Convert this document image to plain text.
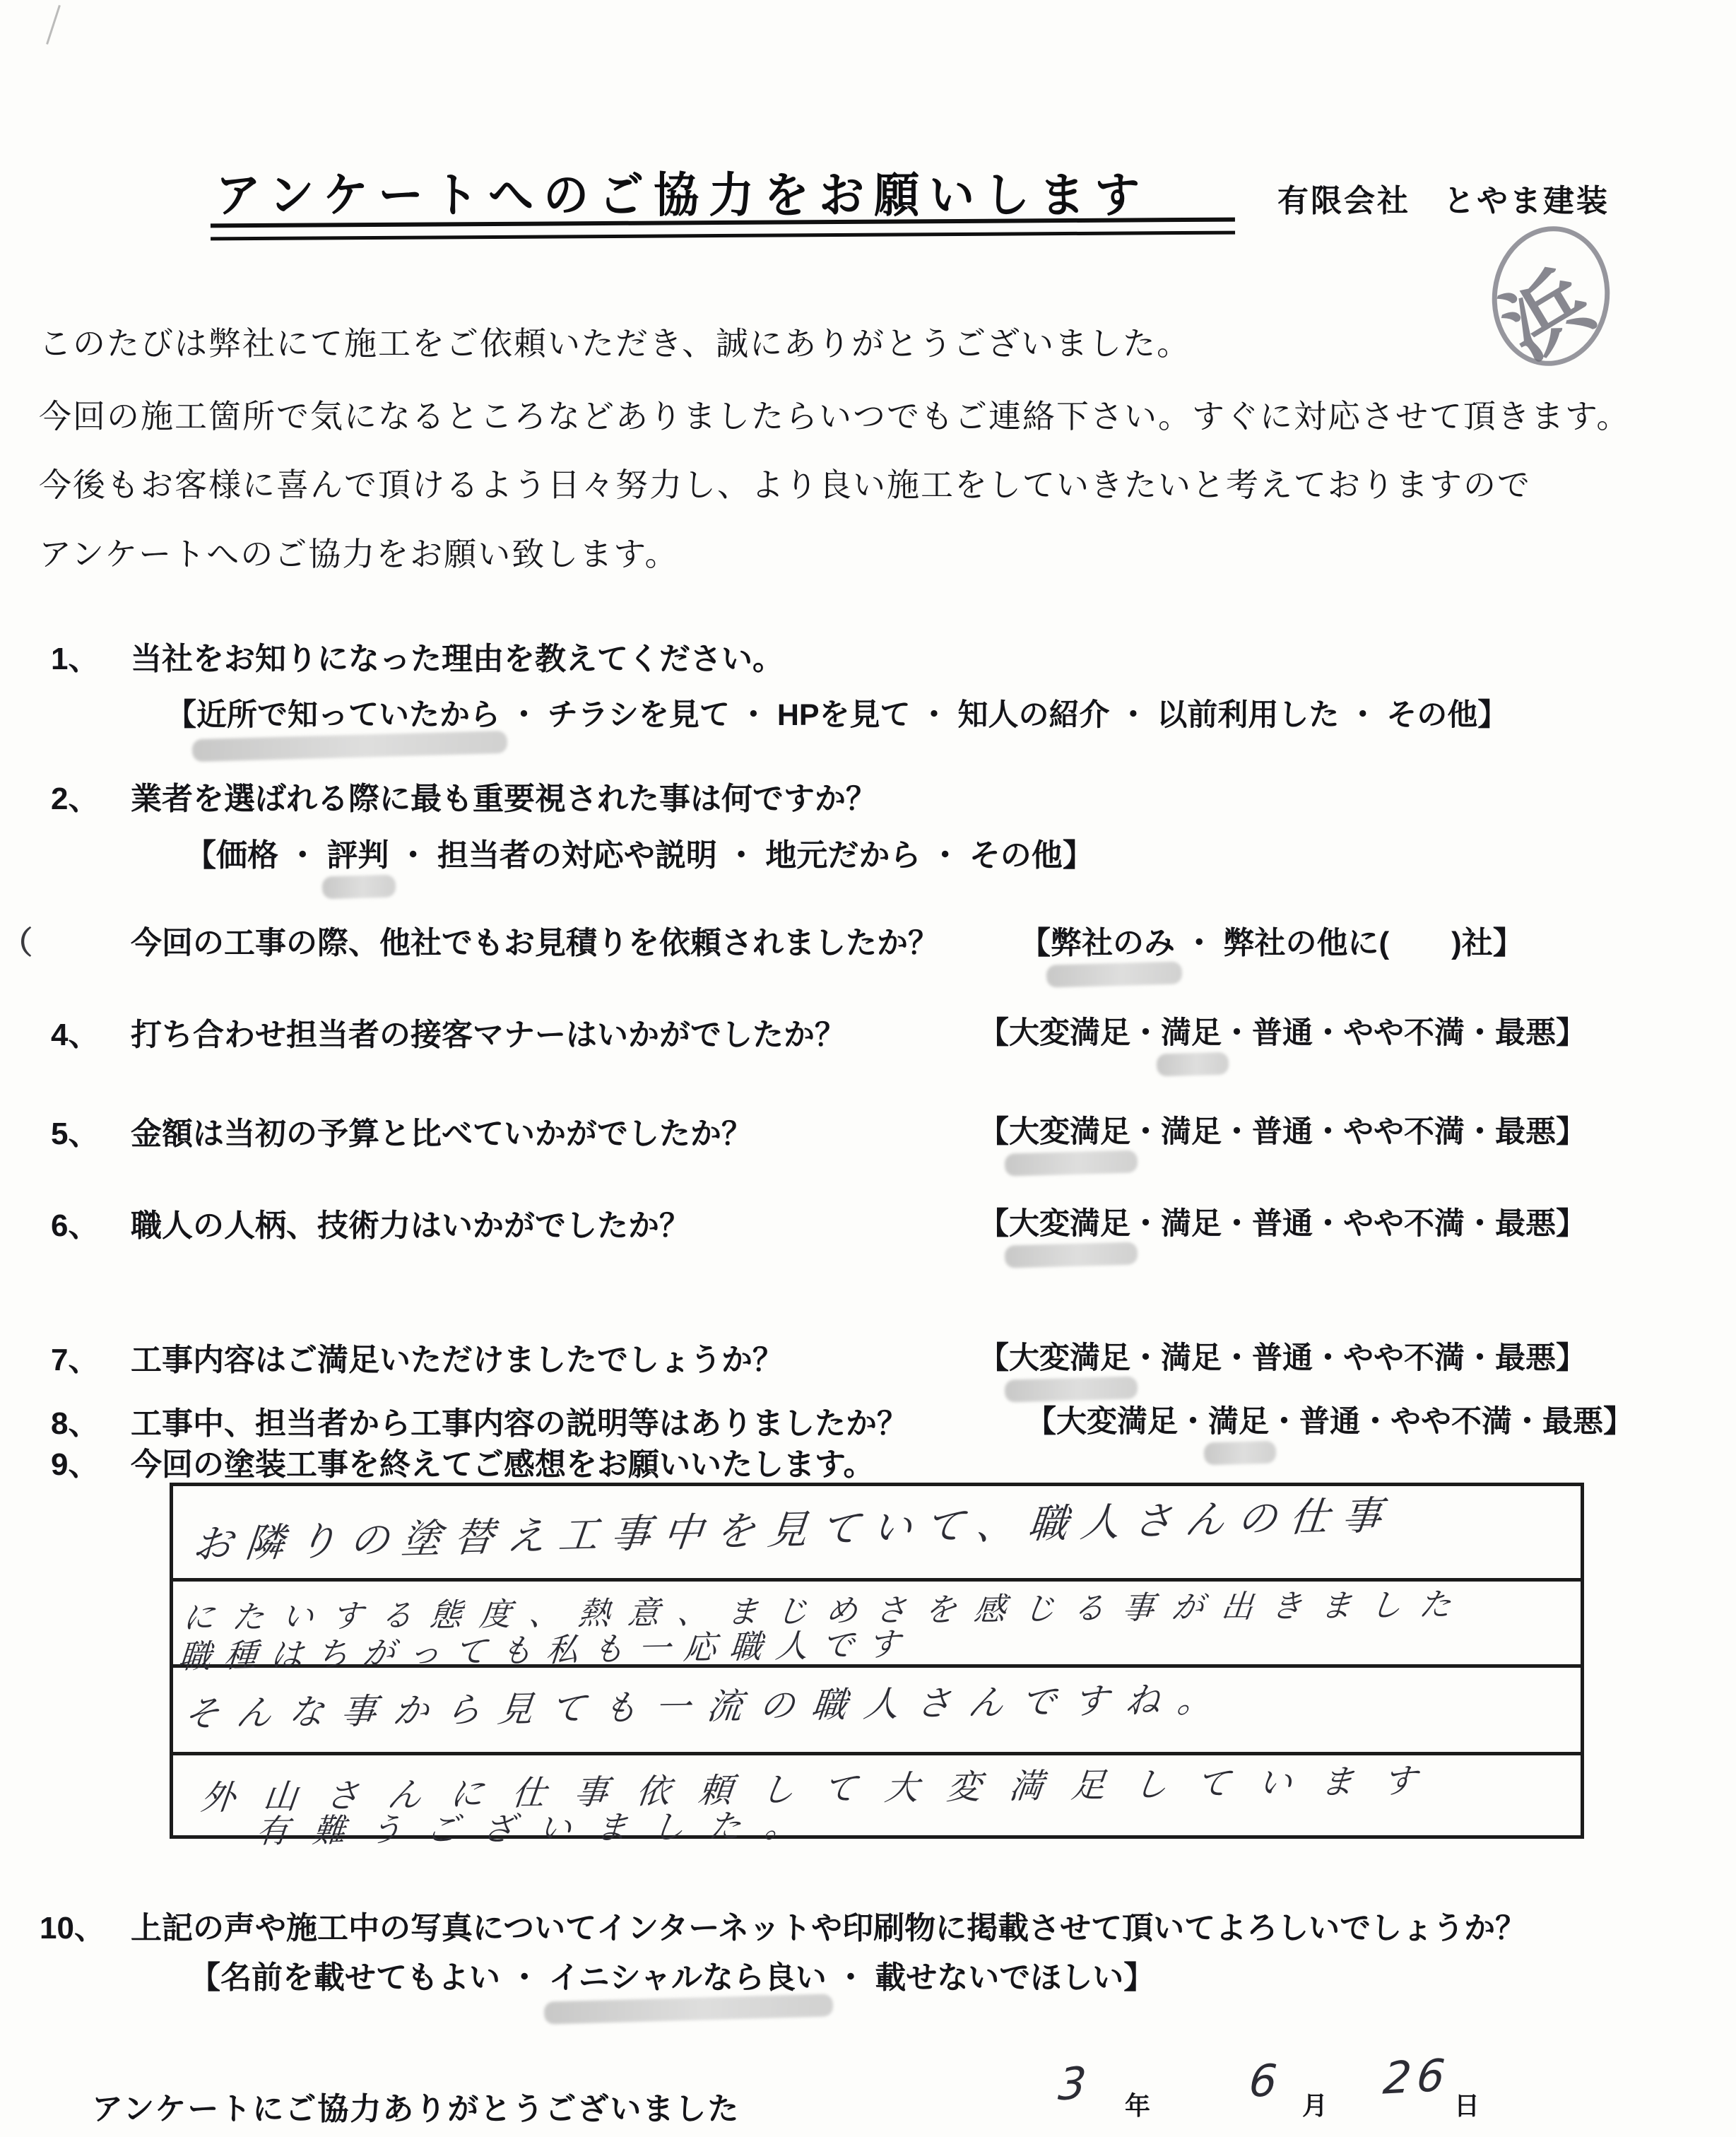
アンケートへのご協力をお願いします	有限会社　とやま建装
浜
このたびは弊社にて施工をご依頼いただき、誠にありがとうございました。
今回の施工箇所で気になるところなどありましたらいつでもご連絡下さい。すぐに対応させて頂きます。
今後もお客様に喜んで頂けるよう日々努力し、より良い施工をしていきたいと考えておりますので
アンケートへのご協力をお願い致します。
1、 当社をお知りになった理由を教えてください。
【近所で知っていたから ・ チラシを見て ・ HPを見て ・ 知人の紹介 ・ 以前利用した ・ その他】
2、 業者を選ばれる際に最も重要視された事は何ですか？
【価格 ・ 評判 ・ 担当者の対応や説明 ・ 地元だから ・ その他】
（	今回の工事の際、他社でもお見積りを依頼されましたか？	【弊社のみ ・ 弊社の他に(　　)社】
4、 打ち合わせ担当者の接客マナーはいかがでしたか？	【大変満足・満足・普通・やや不満・最悪】
5、 金額は当初の予算と比べていかがでしたか？	【大変満足・満足・普通・やや不満・最悪】
6、 職人の人柄、技術力はいかがでしたか？	【大変満足・満足・普通・やや不満・最悪】
7、 工事内容はご満足いただけましたでしょうか？	【大変満足・満足・普通・やや不満・最悪】
8、 工事中、担当者から工事内容の説明等はありましたか？	【大変満足・満足・普通・やや不満・最悪】
9、 今回の塗装工事を終えてご感想をお願いいたします。
お隣りの塗替え工事中を見ていて、職人さんの仕事
にたいする態度、熱意、まじめさを感じる事が出きました
職種はちがっても私も一応職人です
そんな事から見ても一流の職人さんですね。
外山さんに仕事依頼して大変満足しています
有難うございました。
10、 上記の声や施工中の写真についてインターネットや印刷物に掲載させて頂いてよろしいでしょうか？
【名前を載せてもよい ・ イニシャルなら良い ・ 載せないでほしい】
アンケートにご協力ありがとうございました	3 年 6 月
26
日
